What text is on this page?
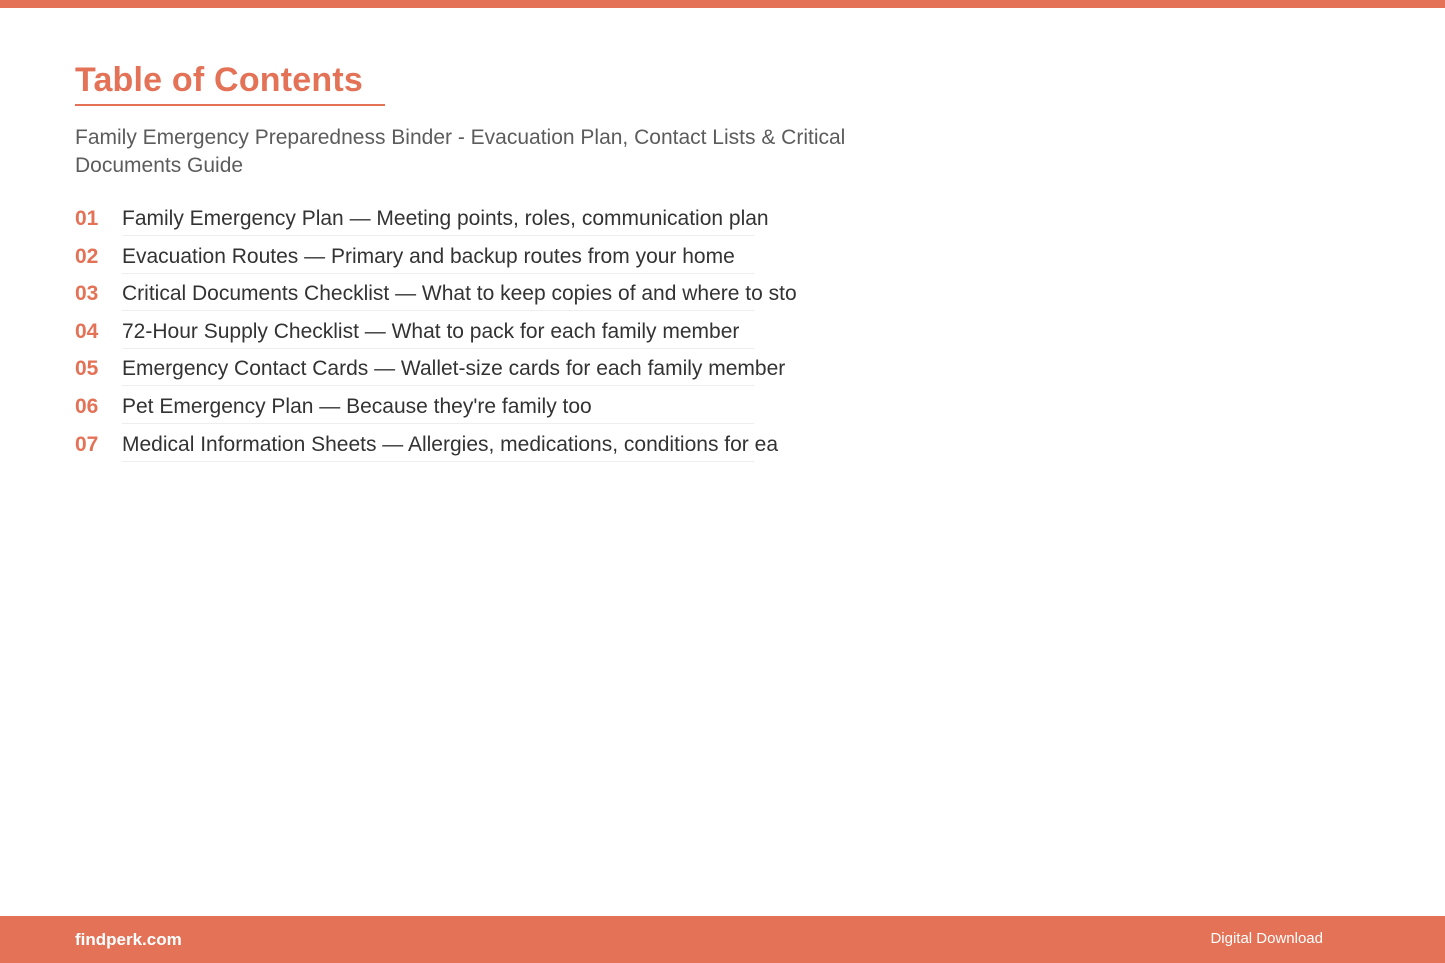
Table of Contents

Family Emergency Preparedness Binder - Evacuation Plan, Contact Lists & Critical Documents Guide

01	Family Emergency Plan — Meeting points, roles, communication plan
02	Evacuation Routes — Primary and backup routes from your home
03	Critical Documents Checklist — What to keep copies of and where to sto
04	72-Hour Supply Checklist — What to pack for each family member
05	Emergency Contact Cards — Wallet-size cards for each family member
06	Pet Emergency Plan — Because they're family too
07	Medical Information Sheets — Allergies, medications, conditions for ea
findperk.com	Digital Download
